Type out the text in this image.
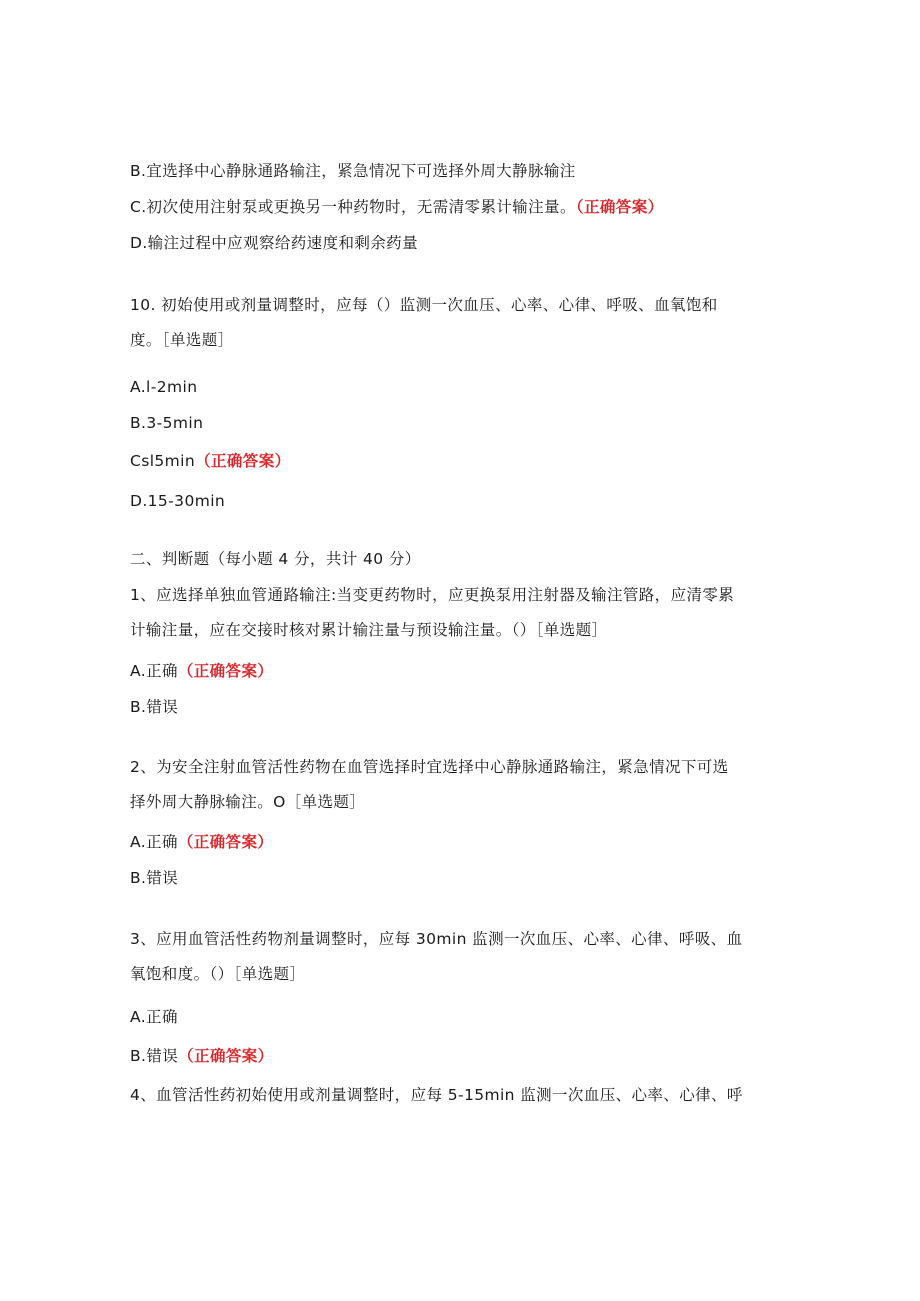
B.宜选择中心静脉通路输注，紧急情况下可选择外周大静脉输注
C.初次使用注射泵或更换另一种药物时，无需清零累计输注量。（正确答案）
D.输注过程中应观察给药速度和剩余药量
10. 初始使用或剂量调整时，应每（）监测一次血压、心率、心律、呼吸、血氧饱和
度。［单选题］
A.l-2min
B.3-5min
Csl5min（正确答案）
D.15-30min
二、判断题（每小题 4 分，共计 40 分）
1、应选择单独血管通路输注:当变更药物时，应更换泵用注射器及输注管路，应清零累
计输注量，应在交接时核对累计输注量与预设输注量。（）［单选题］
A.正确（正确答案）
B.错误
2、为安全注射血管活性药物在血管选择时宜选择中心静脉通路输注，紧急情况下可选
择外周大静脉输注。O［单选题］
A.正确（正确答案）
B.错误
3、应用血管活性药物剂量调整时，应每 30min 监测一次血压、心率、心律、呼吸、血
氧饱和度。（）［单选题］
A.正确
B.错误（正确答案）
4、血管活性药初始使用或剂量调整时，应每 5-15min 监测一次血压、心率、心律、呼
